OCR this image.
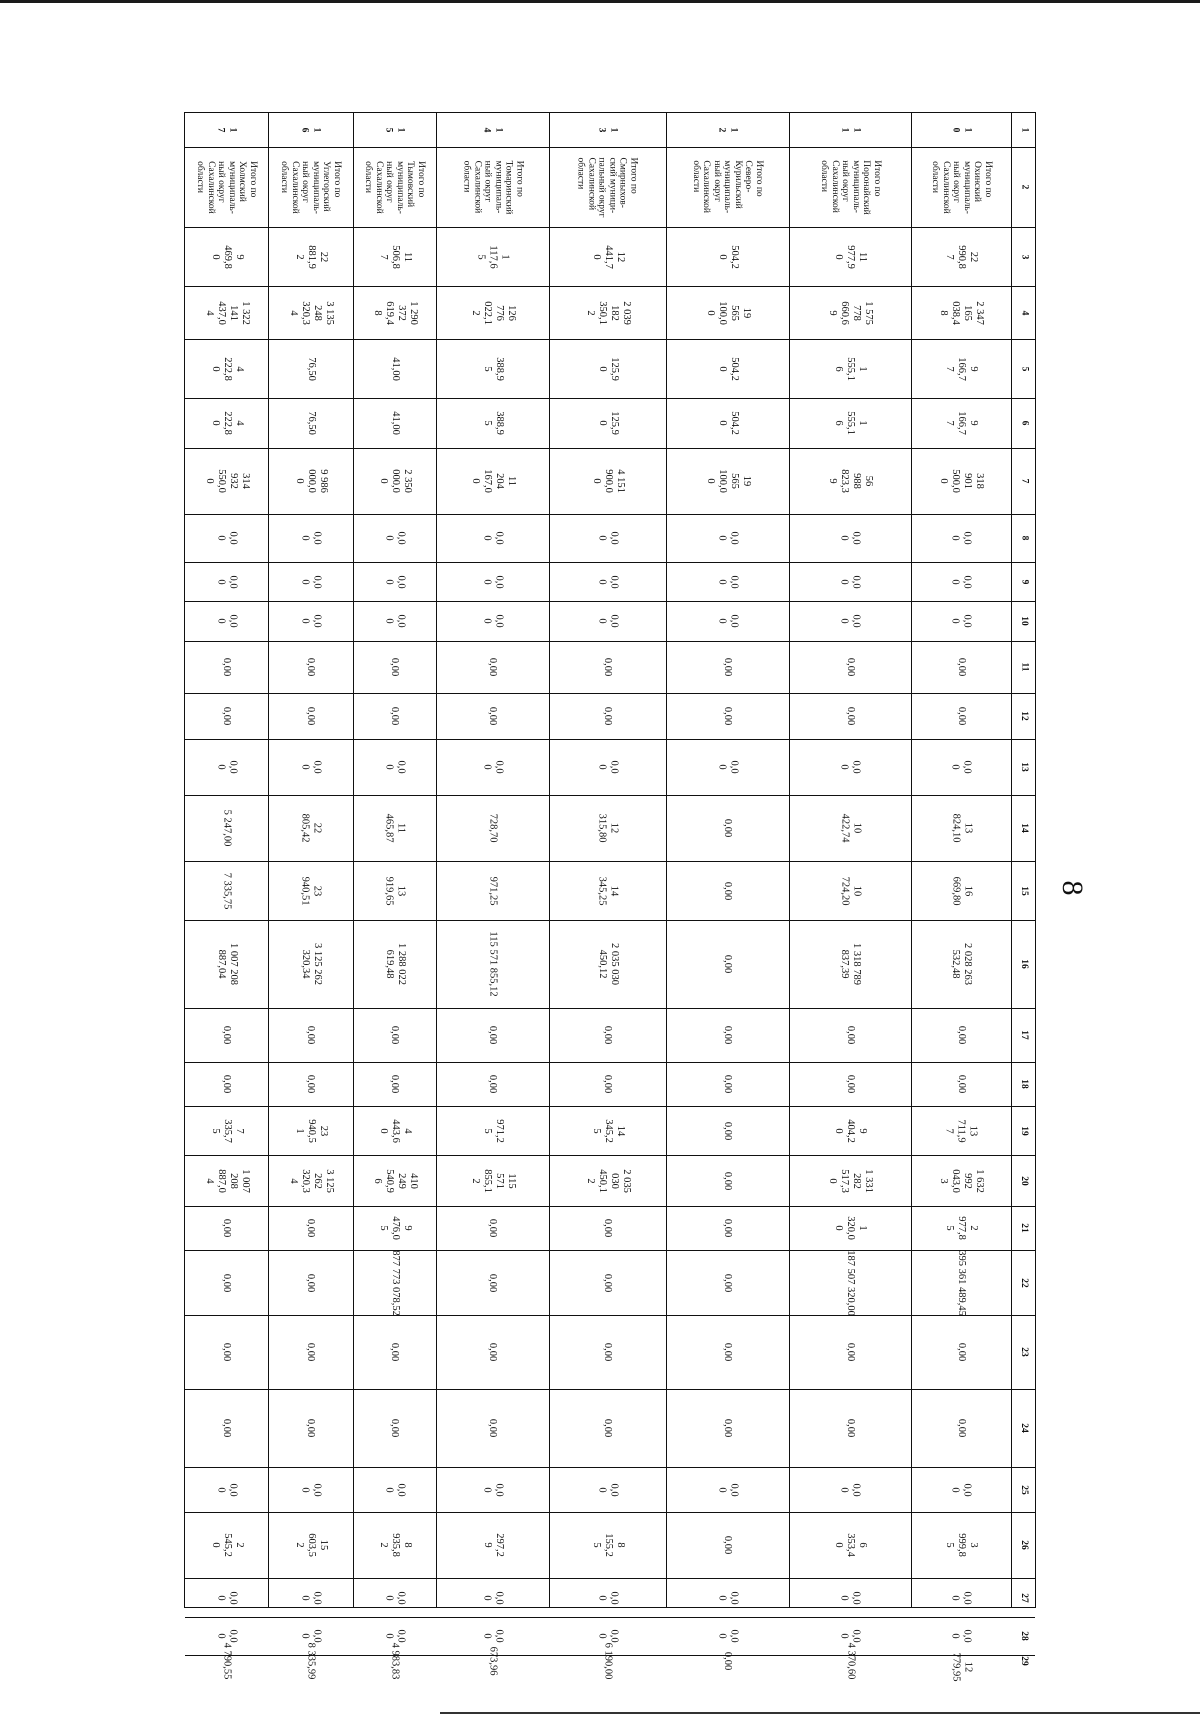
1
2
3
4
5
6
7
8
9
10
11
12
13
14
15
16
17
18
19
20
21
22
23
24
25
26
27
28
29
1
0
Итого по
Охинский
муниципаль-
ный округ
Сахалинской
области
22
990,8
7
2 347
165
038,4
8
9
166,7
7
9
166,7
7
318
901
500,0
0
0,0
0
0,0
0
0,0
0
0,00
0,00
0,0
0
13
824,10
16
669,80
2 028 263
532,48
0,00
0,00
13
711,9
7
1 632
992
043,0
3
2
977,8
5
395 361 489,45
0,00
0,00
0,0
0
3
999,8
5
0,0
0
0,0
0
12
779,95
1
1
Итого по
Поронайский
муниципаль-
ный округ
Сахалинской
области
11
977,9
0
1 575
778
660,6
9
1
555,1
6
1
555,1
6
56
988
823,3
9
0,0
0
0,0
0
0,0
0
0,00
0,00
0,0
0
10
422,74
10
724,20
1 318 789
837,39
0,00
0,00
9
404,2
0
1 331
282
517,3
0
1
320,0
0
187 507 320,00
0,00
0,00
0,0
0
6
353,4
0
0,0
0
0,0
0
4 370,60
1
2
Итого по
Северо-
Курильский
муниципаль-
ный округ
Сахалинской
области
504,2
0
19
565
100,0
0
504,2
0
504,2
0
19
565
100,0
0
0,0
0
0,0
0
0,0
0
0,00
0,00
0,0
0
0,00
0,00
0,00
0,00
0,00
0,00
0,00
0,00
0,00
0,00
0,00
0,0
0
0,00
0,0
0
0,0
0
0,00
1
3
Итого по
Смирныхов-
ский муници-
пальный округ
Сахалинской
области
12
441,7
0
2 039
182
350,1
2
125,9
0
125,9
0
4 151
900,0
0
0,0
0
0,0
0
0,0
0
0,00
0,00
0,0
0
12
315,80
14
345,25
2 035 030
450,12
0,00
0,00
14
345,2
5
2 035
030
450,1
2
0,00
0,00
0,00
0,00
0,0
0
8
155,2
5
0,0
0
0,0
0
6 190,00
1
4
Итого по
Томаринский
муниципаль-
ный округ
Сахалинской
области
1
117,6
5
126
776
022,1
2
388,9
5
388,9
5
11
204
167,0
0
0,0
0
0,0
0
0,0
0
0,00
0,00
0,0
0
728,70
971,25
115 571 855,12
0,00
0,00
971,2
5
115
571
855,1
2
0,00
0,00
0,00
0,00
0,0
0
297,2
9
0,0
0
0,0
0
673,96
1
5
Итого по
Тымовский
муниципаль-
ный округ
Сахалинской
области
11
506,8
7
1 290
372
619,4
8
41,00
41,00
2 350
000,0
0
0,0
0
0,0
0
0,0
0
0,00
0,00
0,0
0
11
465,87
13
919,65
1 288 022
619,48
0,00
0,00
4
443,6
0
410
249
540,9
6
9
476,0
5
877 773 078,52
0,00
0,00
0,0
0
8
935,8
2
0,0
0
0,0
0
4 983,83
1
6
Итого по
Углегорский
муниципаль-
ный округ
Сахалинской
области
22
881,9
2
3 135
248
320,3
4
76,50
76,50
9 986
000,0
0
0,0
0
0,0
0
0,0
0
0,00
0,00
0,0
0
22
805,42
23
940,51
3 125 262
320,34
0,00
0,00
23
940,5
1
3 125
262
320,3
4
0,00
0,00
0,00
0,00
0,0
0
15
603,5
2
0,0
0
0,0
0
8 335,99
1
7
Итого по
Холмский
муниципаль-
ный округ
Сахалинской
области
9
469,8
0
1 322
141
437,0
4
4
222,8
0
4
222,8
0
314
932
550,0
0
0,0
0
0,0
0
0,0
0
0,00
0,00
0,0
0
5 247,00
7 335,75
1 007 208
887,04
0,00
0,00
7
335,7
5
1 007
208
887,0
4
0,00
0,00
0,00
0,00
0,0
0
2
545,2
0
0,0
0
0,0
0
4 790,55
8
